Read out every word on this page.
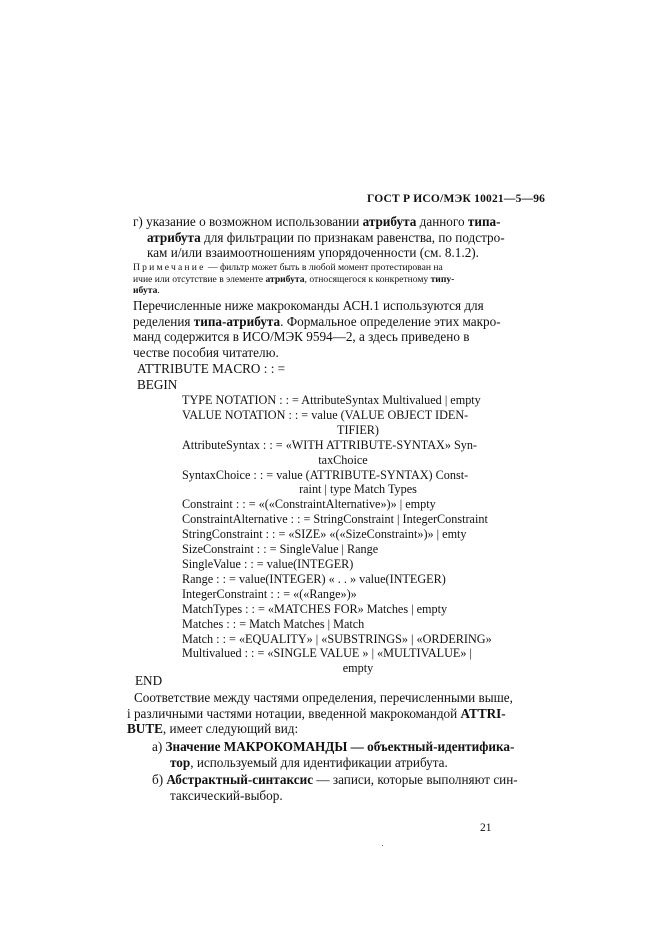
ГОСТ Р ИСО/МЭК 10021—5—96
г) указание о возможном использовании атрибута данного типа-
атрибута для фильтрации по признакам равенства, по подстро-
кам и/или взаимоотношениям упорядоченности (см. 8.1.2).
Примечание — фильтр может быть в любой момент протестирован на
ичие или отсутствие в элементе атрибута, относящегося к конкретному типу-
ибута.
Перечисленные ниже макрокоманды АСН.1 используются для
ределения типа-атрибута. Формальное определение этих макро-
манд содержится в ИСО/МЭК 9594—2, а здесь приведено в
честве пособия читателю.
ATTRIBUTE MACRO : : =
BEGIN
TYPE NOTATION : : = AttributeSyntax Multivalued | empty
VALUE NOTATION : : = value (VALUE OBJECT IDEN-
TIFIER)
AttributeSyntax : : = «WITH ATTRIBUTE-SYNTAX» Syn-
taxChoice
SyntaxChoice : : = value (ATTRIBUTE-SYNTAX) Const-
raint | type Match Types
Constraint : : = «(«ConstraintAlternative»)» | empty
ConstraintAlternative : : = StringConstraint | IntegerConstraint
StringConstraint : : = «SIZE» «(«SizeConstraint»)» | emty
SizeConstraint : : = SingleValue | Range
SingleValue : : = value(INTEGER)
Range : : = value(INTEGER) « . . » value(INTEGER)
IntegerConstraint : : = «(«Range»)»
MatchTypes : : = «MATCHES FOR» Matches | empty
Matches : : = Match Matches | Match
Match : : = «EQUALITY» | «SUBSTRINGS» | «ORDERING»
Multivalued : : = «SINGLE VALUE » | «MULTIVALUE» |
empty
END
Соответствие между частями определения, перечисленными выше,
і различными частями нотации, введенной макрокомандой ATTRI-
ВUTE, имеет следующий вид:
а) Значение МАКРОКОМАНДЫ — объектный-идентифика-
тор, используемый для идентификации атрибута.
б) Абстрактный-синтаксис — записи, которые выполняют син-
таксический-выбор.
21
